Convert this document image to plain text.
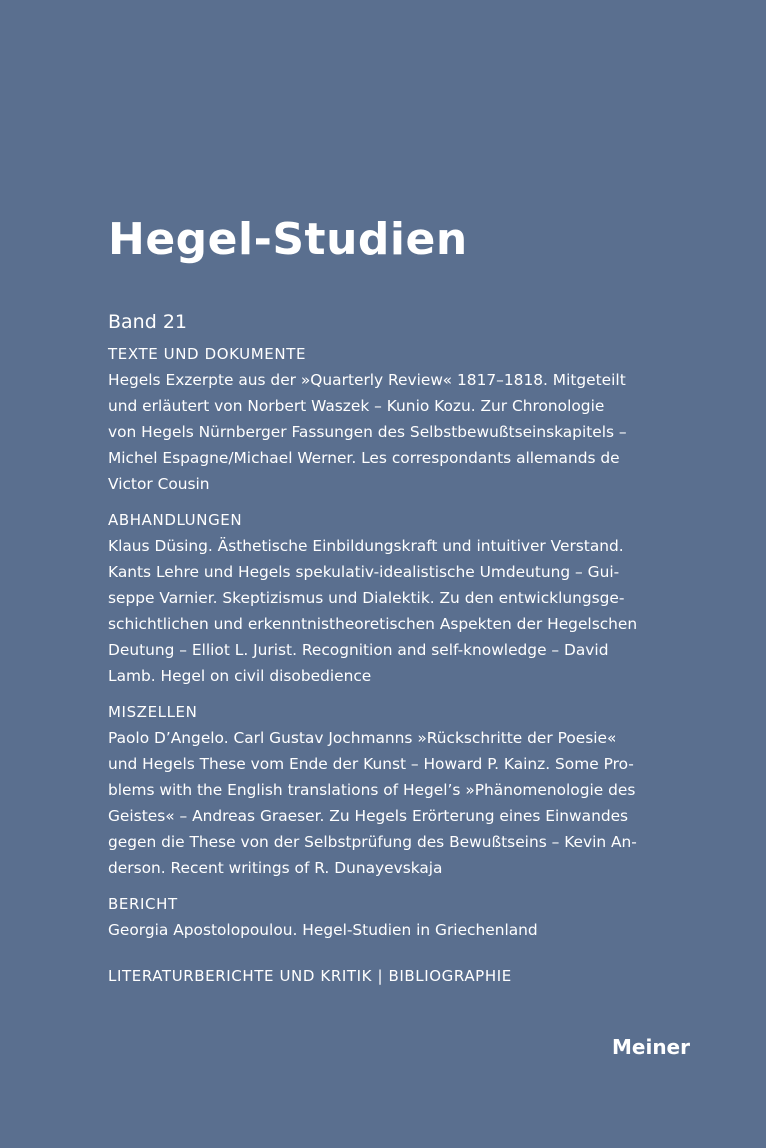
Hegel-Studien
Band 21
TEXTE UND DOKUMENTE
Hegels Exzerpte aus der »Quarterly Review« 1817–1818. Mitgeteilt
und erläutert von Norbert Waszek – Kunio Kozu. Zur Chronologie
von Hegels Nürnberger Fassungen des Selbstbewußtseinskapitels –
Michel Espagne/Michael Werner. Les correspondants allemands de
Victor Cousin
ABHANDLUNGEN
Klaus Düsing. Ästhetische Einbildungskraft und intuitiver Verstand.
Kants Lehre und Hegels spekulativ-idealistische Umdeutung – Gui-
seppe Varnier. Skeptizismus und Dialektik. Zu den entwicklungsge-
schichtlichen und erkenntnistheoretischen Aspekten der Hegelschen
Deutung – Elliot L. Jurist. Recognition and self-knowledge – David
Lamb. Hegel on civil disobedience
MISZELLEN
Paolo D’Angelo. Carl Gustav Jochmanns »Rückschritte der Poesie«
und Hegels These vom Ende der Kunst – Howard P. Kainz. Some Pro-
blems with the English translations of Hegel’s »Phänomenologie des
Geistes« – Andreas Graeser. Zu Hegels Erörterung eines Einwandes
gegen die These von der Selbstprüfung des Bewußtseins – Kevin An-
derson. Recent writings of R. Dunayevskaja
BERICHT
Georgia Apostolopoulou. Hegel-Studien in Griechenland
LITERATURBERICHTE UND KRITIK | BIBLIOGRAPHIE
Meiner
